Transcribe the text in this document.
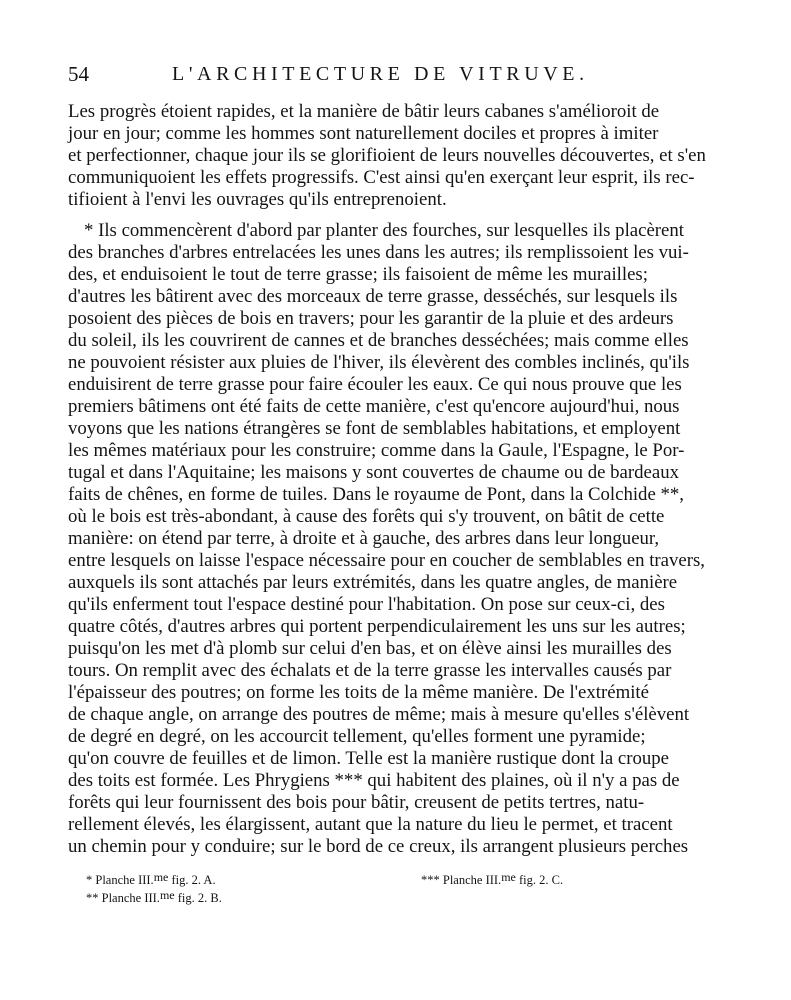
54	L'ARCHITECTURE DE VITRUVE.
Les progrès étoient rapides, et la manière de bâtir leurs cabanes s'amélioroit de
jour en jour; comme les hommes sont naturellement dociles et propres à imiter
et perfectionner, chaque jour ils se glorifioient de leurs nouvelles découvertes, et s'en
communiquoient les effets progressifs. C'est ainsi qu'en exerçant leur esprit, ils rec-
tifioient à l'envi les ouvrages qu'ils entreprenoient.
* Ils commencèrent d'abord par planter des fourches, sur lesquelles ils placèrent
des branches d'arbres entrelacées les unes dans les autres; ils remplissoient les vui-
des, et enduisoient le tout de terre grasse; ils faisoient de même les murailles;
d'autres les bâtirent avec des morceaux de terre grasse, desséchés, sur lesquels ils
posoient des pièces de bois en travers; pour les garantir de la pluie et des ardeurs
du soleil, ils les couvrirent de cannes et de branches desséchées; mais comme elles
ne pouvoient résister aux pluies de l'hiver, ils élevèrent des combles inclinés, qu'ils
enduisirent de terre grasse pour faire écouler les eaux. Ce qui nous prouve que les
premiers bâtimens ont été faits de cette manière, c'est qu'encore aujourd'hui, nous
voyons que les nations étrangères se font de semblables habitations, et employent
les mêmes matériaux pour les construire; comme dans la Gaule, l'Espagne, le Por-
tugal et dans l'Aquitaine; les maisons y sont couvertes de chaume ou de bardeaux
faits de chênes, en forme de tuiles. Dans le royaume de Pont, dans la Colchide **,
où le bois est très-abondant, à cause des forêts qui s'y trouvent, on bâtit de cette
manière: on étend par terre, à droite et à gauche, des arbres dans leur longueur,
entre lesquels on laisse l'espace nécessaire pour en coucher de semblables en travers,
auxquels ils sont attachés par leurs extrémités, dans les quatre angles, de manière
qu'ils enferment tout l'espace destiné pour l'habitation. On pose sur ceux-ci, des
quatre côtés, d'autres arbres qui portent perpendiculairement les uns sur les autres;
puisqu'on les met d'à plomb sur celui d'en bas, et on élève ainsi les murailles des
tours. On remplit avec des échalats et de la terre grasse les intervalles causés par
l'épaisseur des poutres; on forme les toits de la même manière. De l'extrémité
de chaque angle, on arrange des poutres de même; mais à mesure qu'elles s'élèvent
de degré en degré, on les accourcit tellement, qu'elles forment une pyramide;
qu'on couvre de feuilles et de limon. Telle est la manière rustique dont la croupe
des toits est formée. Les Phrygiens *** qui habitent des plaines, où il n'y a pas de
forêts qui leur fournissent des bois pour bâtir, creusent de petits tertres, natu-
rellement élevés, les élargissent, autant que la nature du lieu le permet, et tracent
un chemin pour y conduire; sur le bord de ce creux, ils arrangent plusieurs perches
* Planche III.me fig. 2. A.
** Planche III.me fig. 2. B.
*** Planche III.me fig. 2. C.
